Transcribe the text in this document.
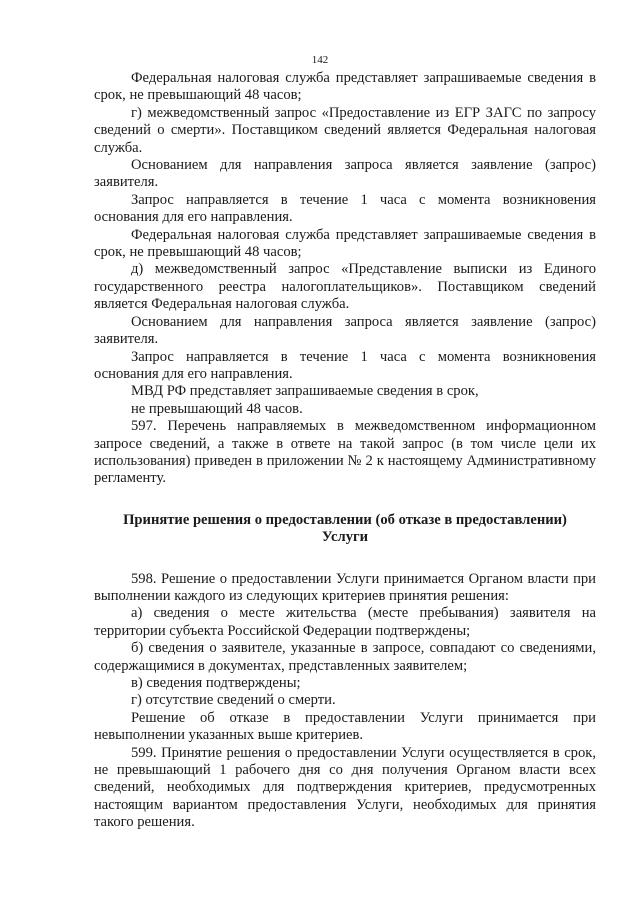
142

Федеральная налоговая служба представляет запрашиваемые сведения в срок, не превышающий 48 часов;

г) межведомственный запрос «Предоставление из ЕГР ЗАГС по запросу сведений о смерти». Поставщиком сведений является Федеральная налоговая служба.

Основанием для направления запроса является заявление (запрос) заявителя.

Запрос направляется в течение 1 часа с момента возникновения основания для его направления.

Федеральная налоговая служба представляет запрашиваемые сведения в срок, не превышающий 48 часов;

д) межведомственный запрос «Представление выписки из Единого государственного реестра налогоплательщиков». Поставщиком сведений является Федеральная налоговая служба.

Основанием для направления запроса является заявление (запрос) заявителя.

Запрос направляется в течение 1 часа с момента возникновения основания для его направления.

МВД РФ представляет запрашиваемые сведения в срок,

не превышающий 48 часов.

597. Перечень направляемых в межведомственном информационном запросе сведений, а также в ответе на такой запрос (в том числе цели их использования) приведен в приложении № 2 к настоящему Административному регламенту.

Принятие решения о предоставлении (об отказе в предоставлении)
Услуги

598. Решение о предоставлении Услуги принимается Органом власти при выполнении каждого из следующих критериев принятия решения:

а) сведения о месте жительства (месте пребывания) заявителя на территории субъекта Российской Федерации подтверждены;

б) сведения о заявителе, указанные в запросе, совпадают со сведениями, содержащимися в документах, представленных заявителем;

в) сведения подтверждены;

г) отсутствие сведений о смерти.

Решение об отказе в предоставлении Услуги принимается при невыполнении указанных выше критериев.

599. Принятие решения о предоставлении Услуги осуществляется в срок, не превышающий 1 рабочего дня со дня получения Органом власти всех сведений, необходимых для подтверждения критериев, предусмотренных настоящим вариантом предоставления Услуги, необходимых для принятия такого решения.
